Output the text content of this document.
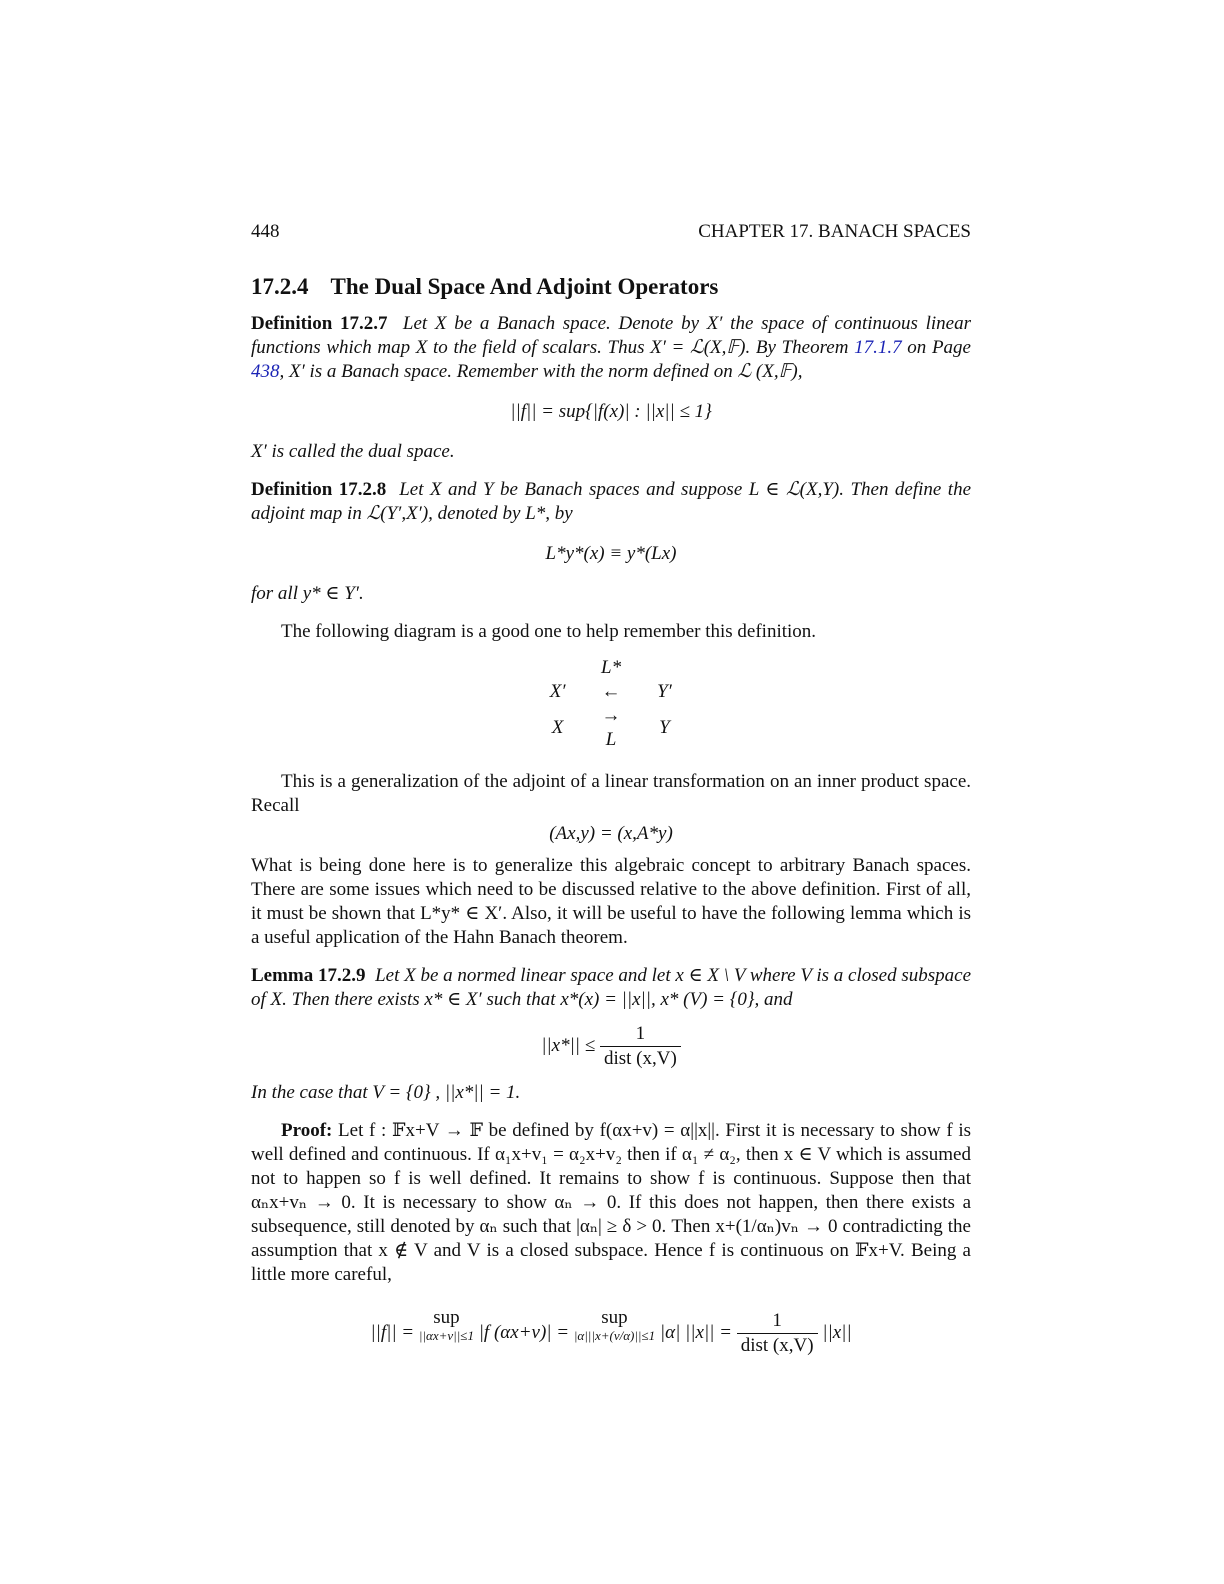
448	CHAPTER 17. BANACH SPACES
17.2.4 The Dual Space And Adjoint Operators

Definition 17.2.7 Let X be a Banach space. Denote by X′ the space of continuous linear functions which map X to the field of scalars. Thus X′ = ℒ(X,𝔽). By Theorem 17.1.7 on Page 438, X′ is a Banach space. Remember with the norm defined on ℒ (X,𝔽),

||f|| = sup{|f(x)| : ||x|| ≤ 1}

X′ is called the dual space.

Definition 17.2.8 Let X and Y be Banach spaces and suppose L ∈ ℒ(X,Y). Then define the adjoint map in ℒ(Y′,X′), denoted by L*, by

L*y*(x) ≡ y*(Lx)

for all y* ∈ Y′.

The following diagram is a good one to help remember this definition.

	L*	
X′	←	Y′
X	→	Y
	L	

This is a generalization of the adjoint of a linear transformation on an inner product space. Recall

(Ax,y) = (x,A*y)

What is being done here is to generalize this algebraic concept to arbitrary Banach spaces. There are some issues which need to be discussed relative to the above definition. First of all, it must be shown that L*y* ∈ X′. Also, it will be useful to have the following lemma which is a useful application of the Hahn Banach theorem.

Lemma 17.2.9 Let X be a normed linear space and let x ∈ X \ V where V is a closed subspace of X. Then there exists x* ∈ X′ such that x*(x) = ||x||, x* (V) = {0}, and

$||x*|| \le \frac{1}{\text{dist (x,V)}}$

In the case that V = {0} , ||x*|| = 1.

Proof: Let f : 𝔽x+V → 𝔽 be defined by f(αx+v) = α||x||. First it is necessary to show f is well defined and continuous. If α₁x+v₁ = α₂x+v₂ then if α₁ ≠ α₂, then x ∈ V which is assumed not to happen so f is well defined. It remains to show f is continuous. Suppose then that αₙx+vₙ → 0. It is necessary to show αₙ → 0. If this does not happen, then there exists a subsequence, still denoted by αₙ such that |αₙ| ≥ δ > 0. Then x+(1/αₙ)vₙ → 0 contradicting the assumption that x ∉ V and V is a closed subspace. Hence f is continuous on 𝔽x+V. Being a little more careful,

||f|| = sup
||αx+v||≤1 |f (αx+v)| = sup
|α|||x+(v/α)||≤1 |α| $||x|| = \frac{1}{\text{dist (x,V)}} ||x||$
